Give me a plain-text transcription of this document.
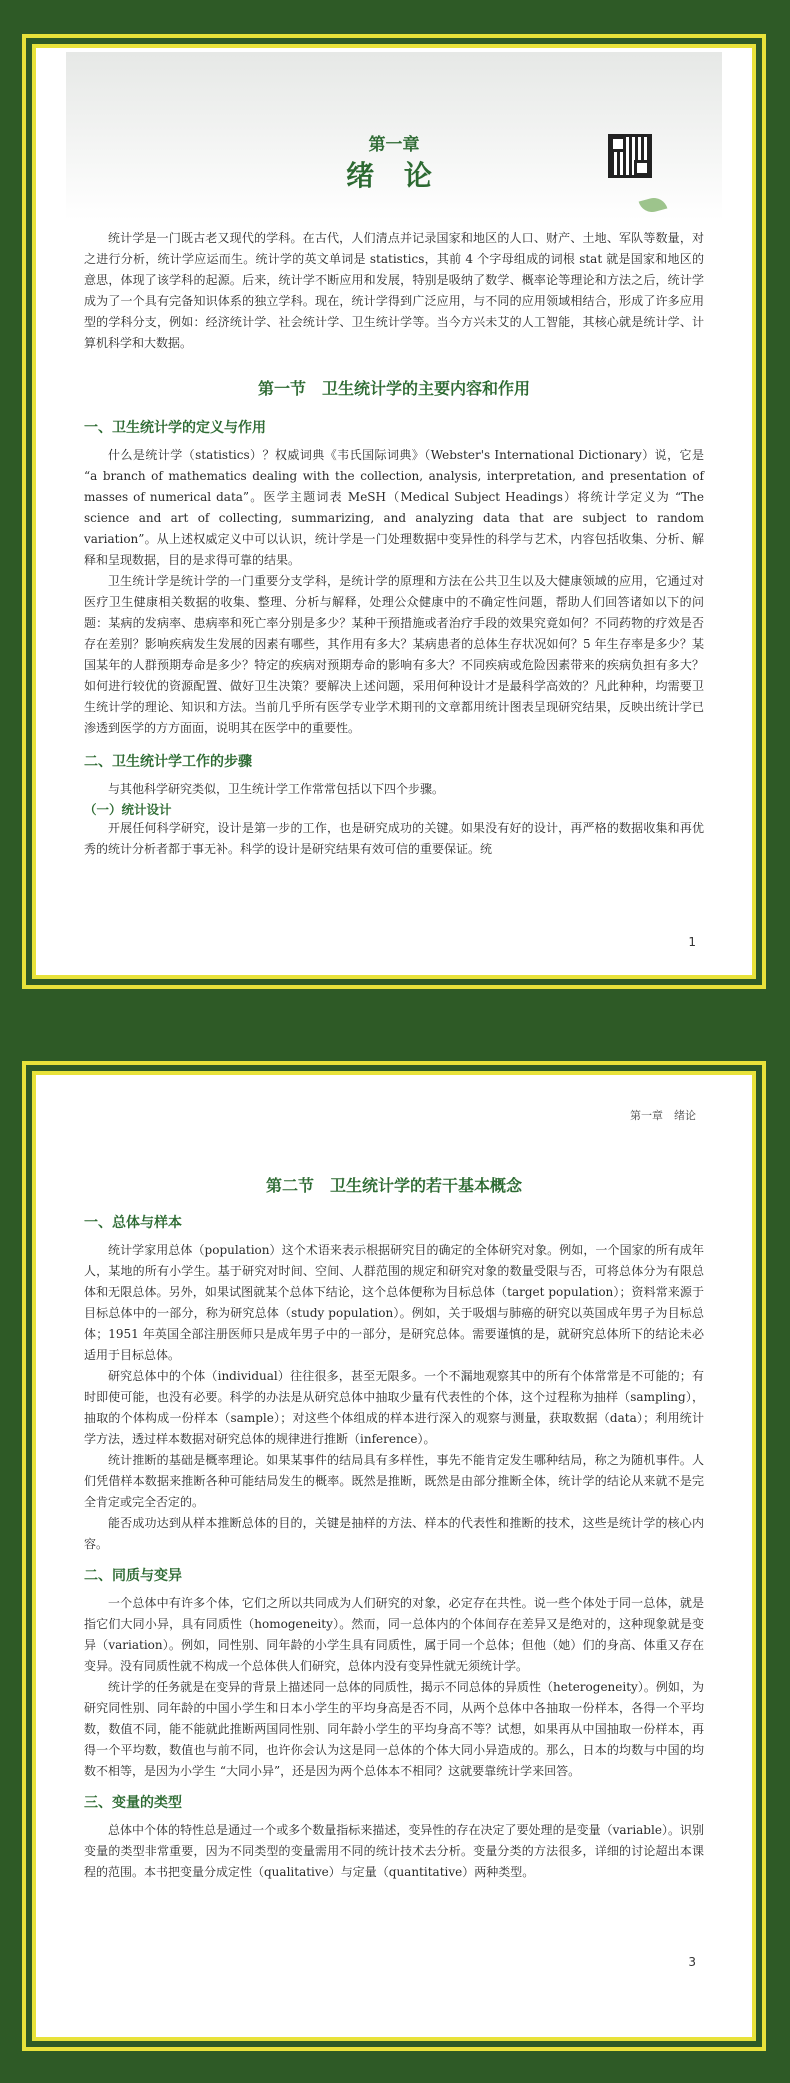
第一章
绪 论

统计学是一门既古老又现代的学科。在古代，人们清点并记录国家和地区的人口、财产、土地、军队等数量，对之进行分析，统计学应运而生。统计学的英文单词是 statistics，其前 4 个字母组成的词根 stat 就是国家和地区的意思，体现了该学科的起源。后来，统计学不断应用和发展，特别是吸纳了数学、概率论等理论和方法之后，统计学成为了一个具有完备知识体系的独立学科。现在，统计学得到广泛应用，与不同的应用领域相结合，形成了许多应用型的学科分支，例如：经济统计学、社会统计学、卫生统计学等。当今方兴未艾的人工智能，其核心就是统计学、计算机科学和大数据。

第一节　卫生统计学的主要内容和作用
一、卫生统计学的定义与作用

什么是统计学（statistics）？权威词典《韦氏国际词典》（Webster's International Dictionary）说，它是 “a branch of mathematics dealing with the collection, analysis, interpretation, and presentation of masses of numerical data”。医学主题词表 MeSH（Medical Subject Headings）将统计学定义为 “The science and art of collecting, summarizing, and analyzing data that are subject to random variation”。从上述权威定义中可以认识，统计学是一门处理数据中变异性的科学与艺术，内容包括收集、分析、解释和呈现数据，目的是求得可靠的结果。

卫生统计学是统计学的一门重要分支学科，是统计学的原理和方法在公共卫生以及大健康领域的应用，它通过对医疗卫生健康相关数据的收集、整理、分析与解释，处理公众健康中的不确定性问题，帮助人们回答诸如以下的问题：某病的发病率、患病率和死亡率分别是多少？某种干预措施或者治疗手段的效果究竟如何？不同药物的疗效是否存在差别？影响疾病发生发展的因素有哪些，其作用有多大？某病患者的总体生存状况如何？5 年生存率是多少？某国某年的人群预期寿命是多少？特定的疾病对预期寿命的影响有多大？不同疾病或危险因素带来的疾病负担有多大？如何进行较优的资源配置、做好卫生决策？要解决上述问题，采用何种设计才是最科学高效的？凡此种种，均需要卫生统计学的理论、知识和方法。当前几乎所有医学专业学术期刊的文章都用统计图表呈现研究结果，反映出统计学已渗透到医学的方方面面，说明其在医学中的重要性。

二、卫生统计学工作的步骤

与其他科学研究类似，卫生统计学工作常常包括以下四个步骤。

（一）统计设计

开展任何科学研究，设计是第一步的工作，也是研究成功的关键。如果没有好的设计，再严格的数据收集和再优秀的统计分析者都于事无补。科学的设计是研究结果有效可信的重要保证。统

1
第一章　绪论
第二节　卫生统计学的若干基本概念
一、总体与样本

统计学家用总体（population）这个术语来表示根据研究目的确定的全体研究对象。例如，一个国家的所有成年人，某地的所有小学生。基于研究对时间、空间、人群范围的规定和研究对象的数量受限与否，可将总体分为有限总体和无限总体。另外，如果试图就某个总体下结论，这个总体便称为目标总体（target population）；资料常来源于目标总体中的一部分，称为研究总体（study population）。例如，关于吸烟与肺癌的研究以英国成年男子为目标总体；1951 年英国全部注册医师只是成年男子中的一部分，是研究总体。需要谨慎的是，就研究总体所下的结论未必适用于目标总体。

研究总体中的个体（individual）往往很多，甚至无限多。一个不漏地观察其中的所有个体常常是不可能的；有时即使可能，也没有必要。科学的办法是从研究总体中抽取少量有代表性的个体，这个过程称为抽样（sampling），抽取的个体构成一份样本（sample）；对这些个体组成的样本进行深入的观察与测量，获取数据（data）；利用统计学方法，透过样本数据对研究总体的规律进行推断（inference）。

统计推断的基础是概率理论。如果某事件的结局具有多样性，事先不能肯定发生哪种结局，称之为随机事件。人们凭借样本数据来推断各种可能结局发生的概率。既然是推断，既然是由部分推断全体，统计学的结论从来就不是完全肯定或完全否定的。

能否成功达到从样本推断总体的目的，关键是抽样的方法、样本的代表性和推断的技术，这些是统计学的核心内容。

二、同质与变异

一个总体中有许多个体，它们之所以共同成为人们研究的对象，必定存在共性。说一些个体处于同一总体，就是指它们大同小异，具有同质性（homogeneity）。然而，同一总体内的个体间存在差异又是绝对的，这种现象就是变异（variation）。例如，同性别、同年龄的小学生具有同质性，属于同一个总体；但他（她）们的身高、体重又存在变异。没有同质性就不构成一个总体供人们研究，总体内没有变异性就无须统计学。

统计学的任务就是在变异的背景上描述同一总体的同质性，揭示不同总体的异质性（heterogeneity）。例如，为研究同性别、同年龄的中国小学生和日本小学生的平均身高是否不同，从两个总体中各抽取一份样本，各得一个平均数，数值不同，能不能就此推断两国同性别、同年龄小学生的平均身高不等？试想，如果再从中国抽取一份样本，再得一个平均数，数值也与前不同，也许你会认为这是同一总体的个体大同小异造成的。那么，日本的均数与中国的均数不相等，是因为小学生 “大同小异”，还是因为两个总体本不相同？这就要靠统计学来回答。

三、变量的类型

总体中个体的特性总是通过一个或多个数量指标来描述，变异性的存在决定了要处理的是变量（variable）。识别变量的类型非常重要，因为不同类型的变量需用不同的统计技术去分析。变量分类的方法很多，详细的讨论超出本课程的范围。本书把变量分成定性（qualitative）与定量（quantitative）两种类型。

3
